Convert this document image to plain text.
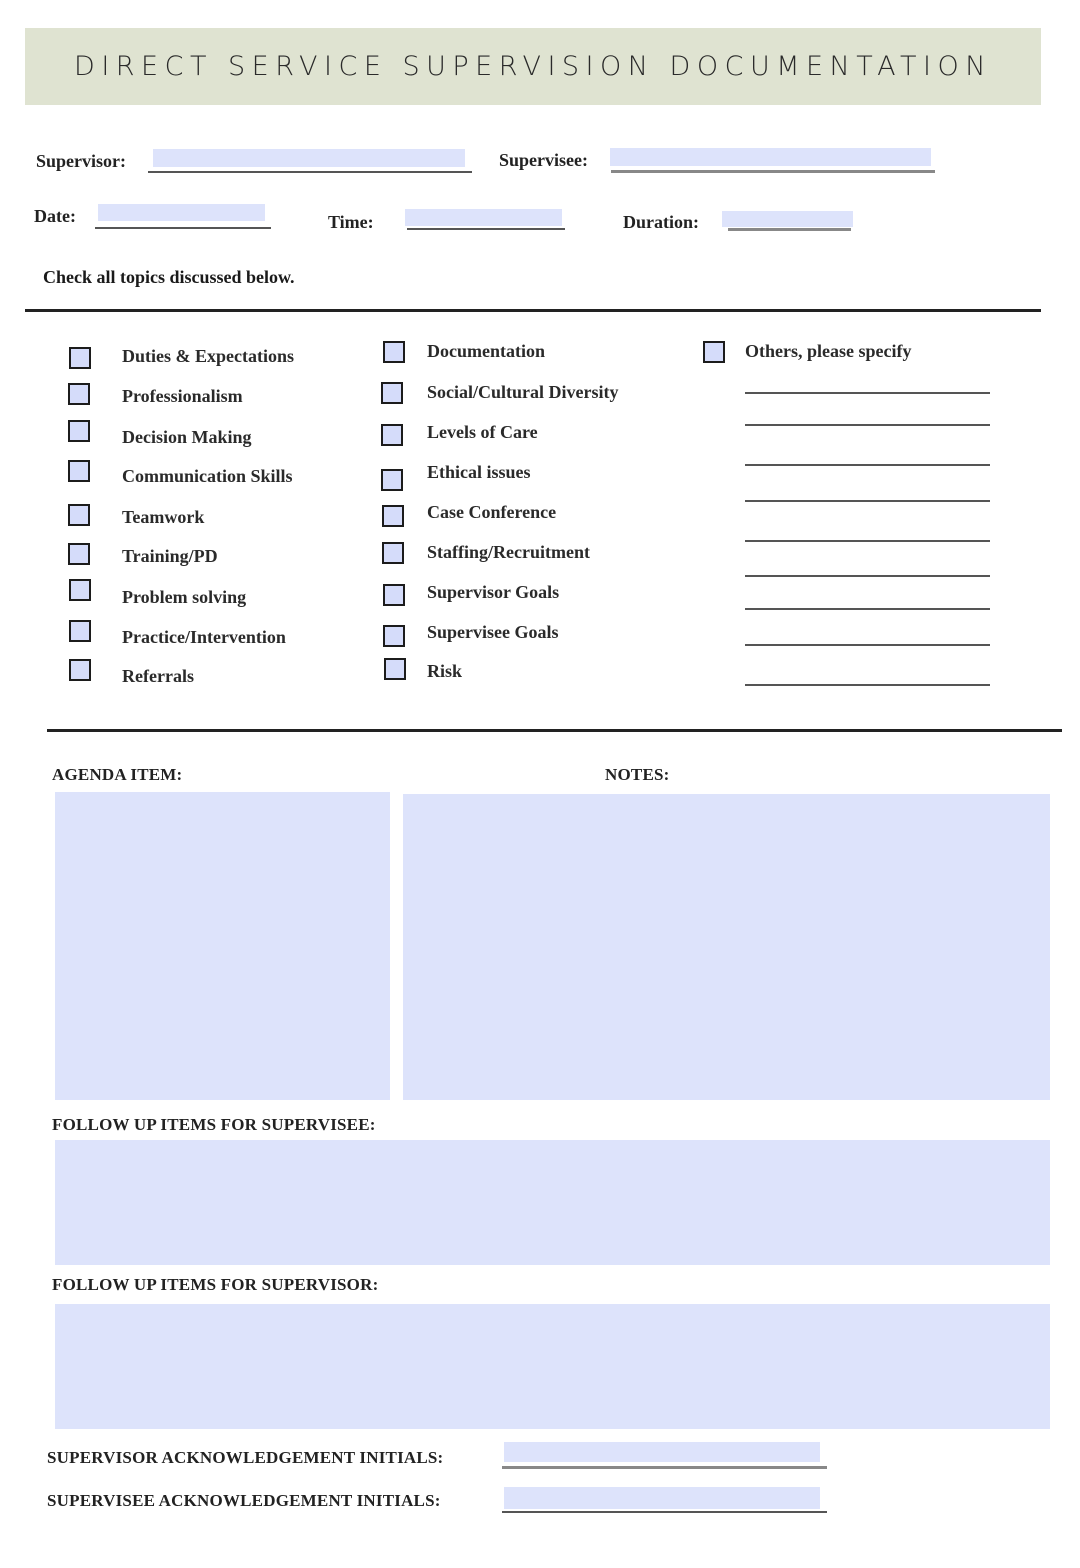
DIRECT SERVICE SUPERVISION DOCUMENTATION
Supervisor:	Supervisee:
Date:	Time:	Duration:
Check all topics discussed below.
Duties & Expectations
Professionalism
Decision Making
Communication Skills
Teamwork
Training/PD
Problem solving
Practice/Intervention
Referrals
Documentation
Social/Cultural Diversity
Levels of Care
Ethical issues
Case Conference
Staffing/Recruitment
Supervisor Goals
Supervisee Goals
Risk
Others, please specify
AGENDA ITEM:	NOTES:
FOLLOW UP ITEMS FOR SUPERVISEE:
FOLLOW UP ITEMS FOR SUPERVISOR:
SUPERVISOR ACKNOWLEDGEMENT INITIALS:
SUPERVISEE ACKNOWLEDGEMENT INITIALS:
